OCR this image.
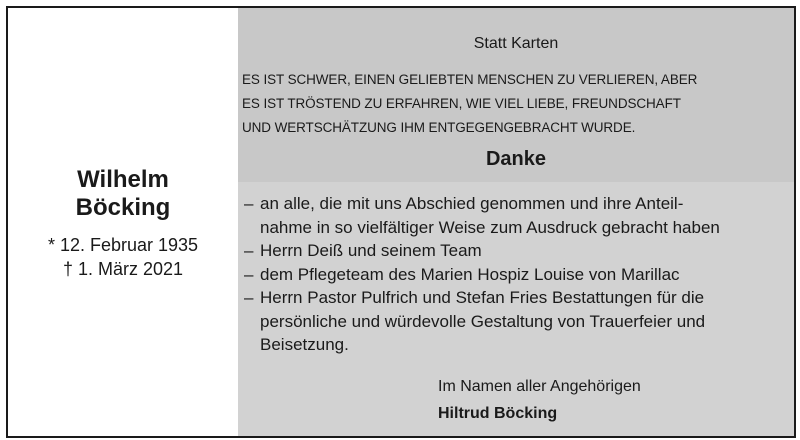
Wilhelm
Böcking
* 12. Februar 1935
† 1. März 2021
Statt Karten
ES IST SCHWER, EINEN GELIEBTEN MENSCHEN ZU VERLIEREN, ABER
ES IST TRÖSTEND ZU ERFAHREN, WIE VIEL LIEBE, FREUNDSCHAFT
UND WERTSCHÄTZUNG IHM ENTGEGENGEBRACHT WURDE.
Danke
– an alle, die mit uns Abschied genommen und ihre Anteil-
nahme in so vielfältiger Weise zum Ausdruck gebracht haben
– Herrn Deiß und seinem Team
– dem Pflegeteam des Marien Hospiz Louise von Marillac
– Herrn Pastor Pulfrich und Stefan Fries Bestattungen für die
persönliche und würdevolle Gestaltung von Trauerfeier und
Beisetzung.
Im Namen aller Angehörigen
Hiltrud Böcking
